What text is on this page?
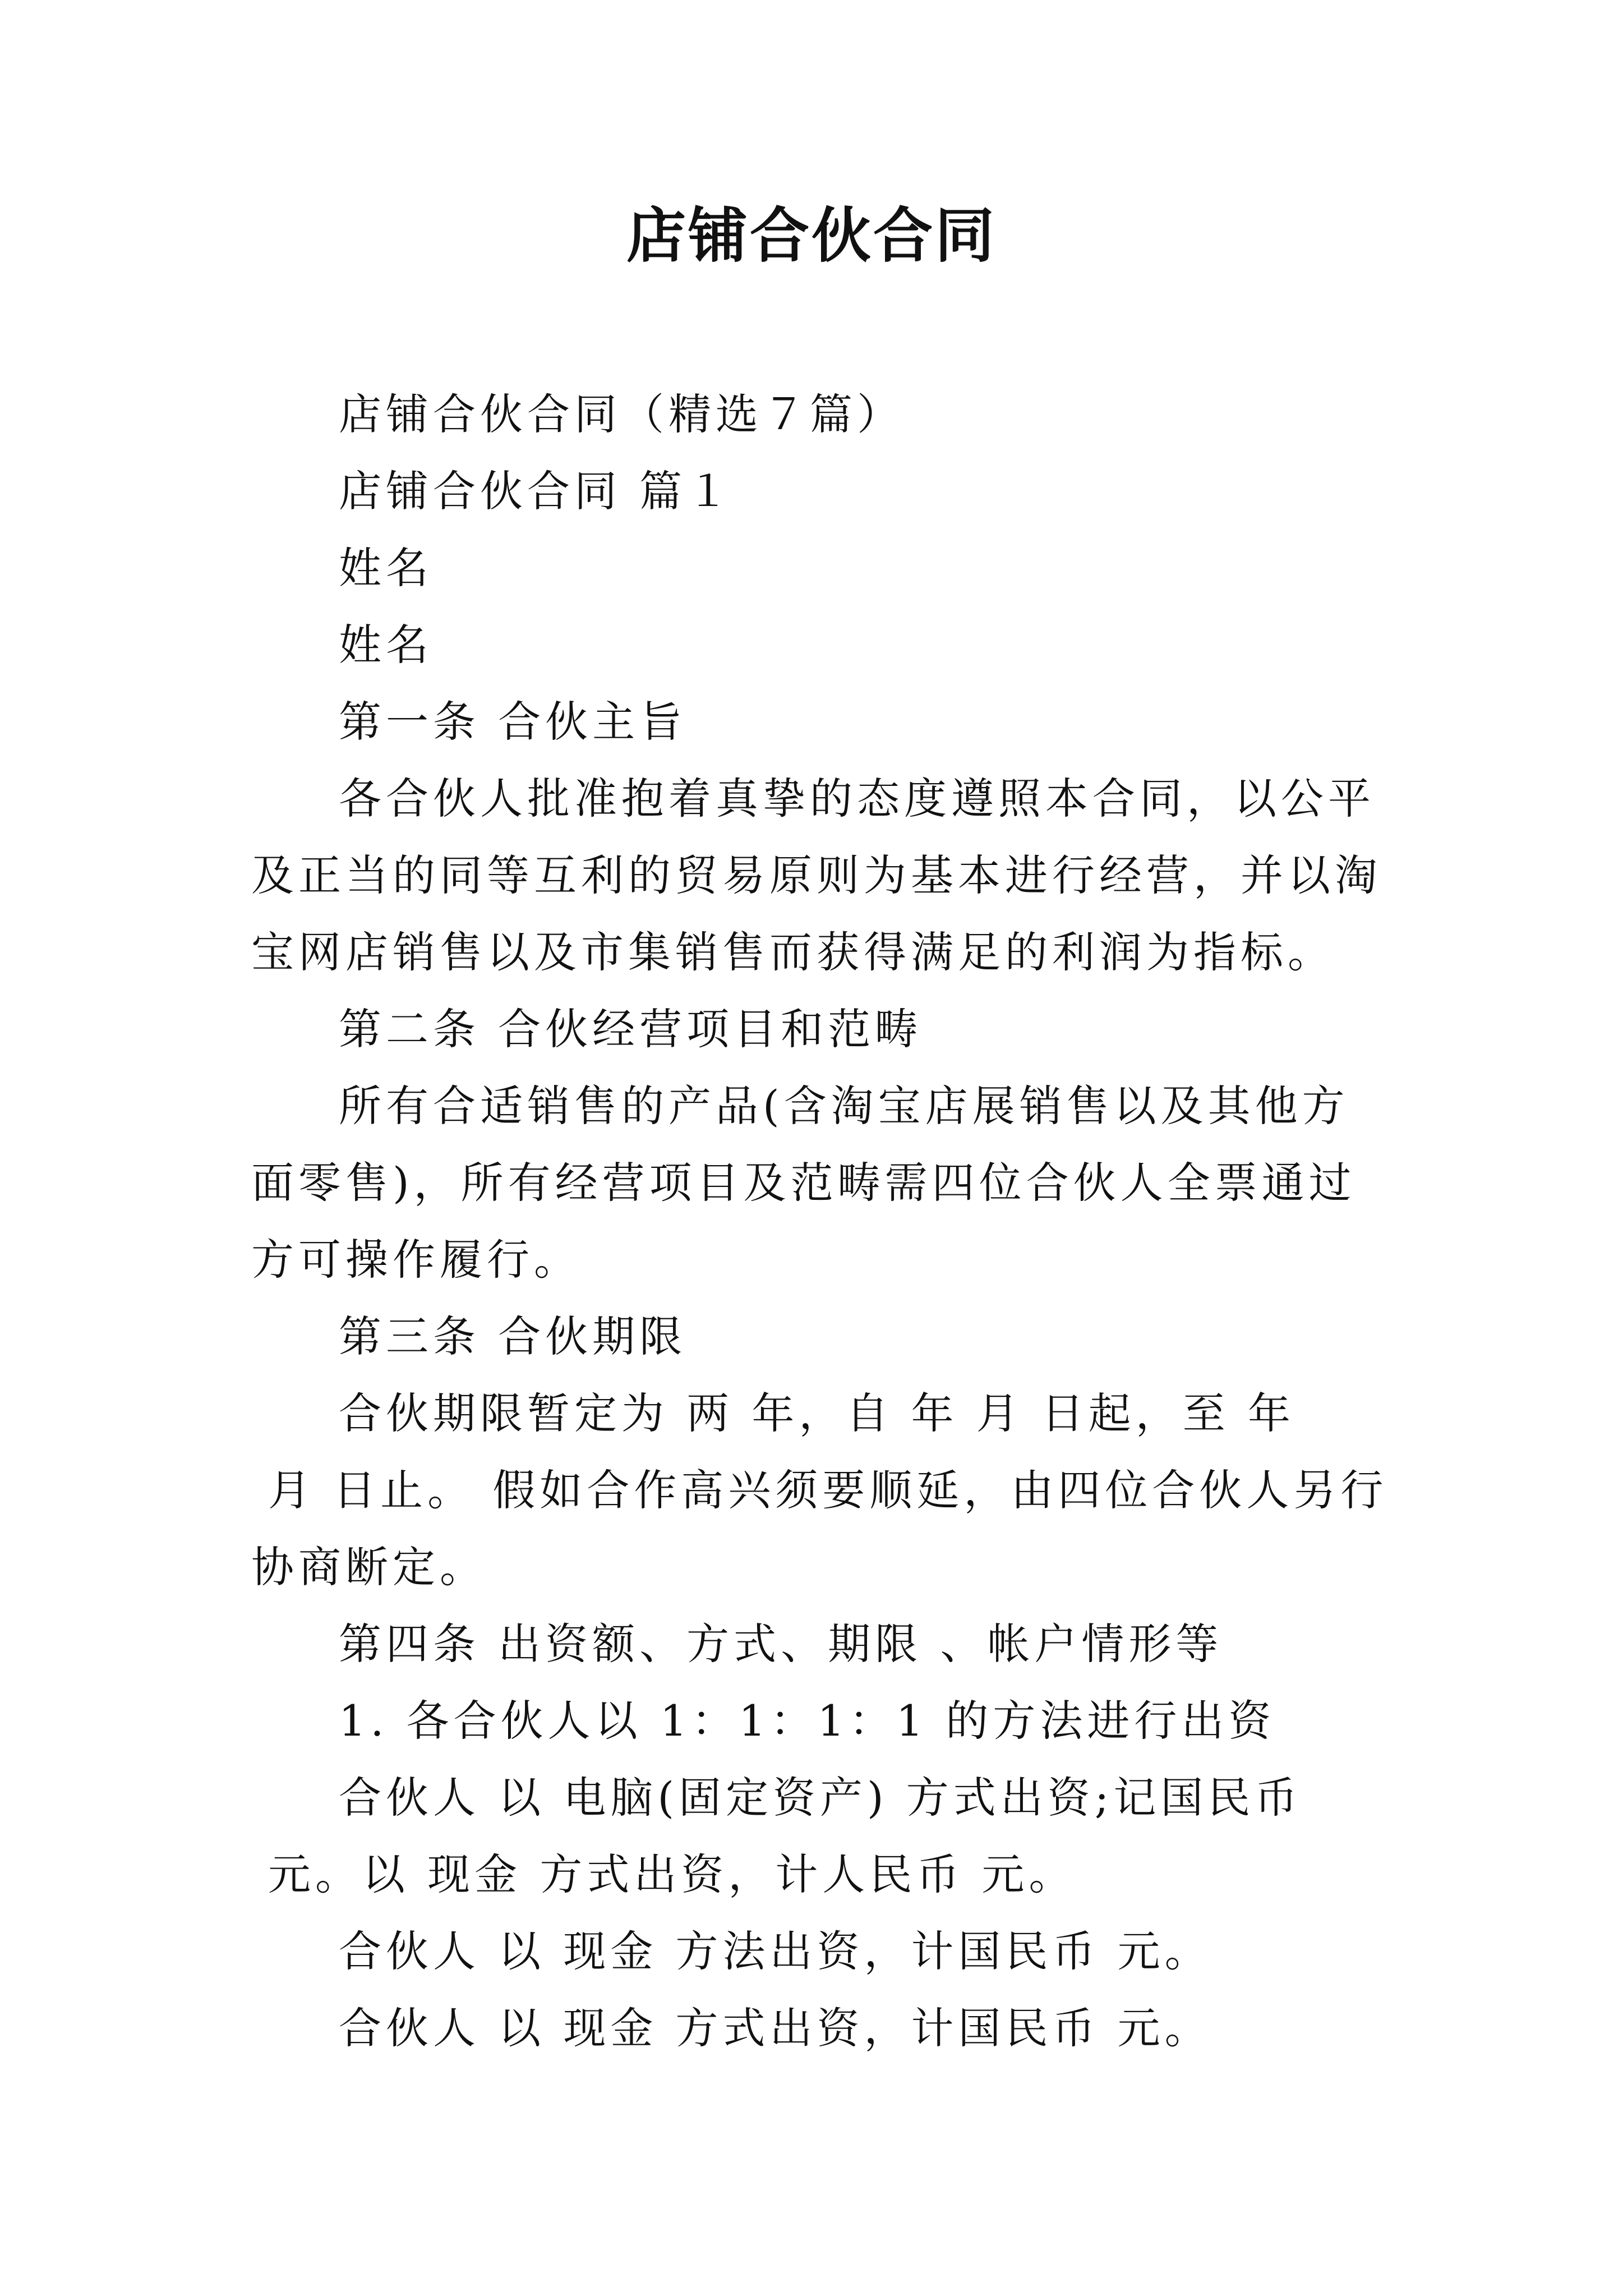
店铺合伙合同

店铺合伙合同（精选７篇）

店铺合伙合同 篇１

姓名

姓名

第一条 合伙主旨

各合伙人批准抱着真挚的态度遵照本合同，以公平及正当的同等互利的贸易原则为基本进行经营，并以淘宝网店销售以及市集销售而获得满足的利润为指标。

第二条 合伙经营项目和范畴

所有合适销售的产品(含淘宝店展销售以及其他方面零售)，所有经营项目及范畴需四位合伙人全票通过方可操作履行。

第三条 合伙期限

合伙期限暂定为 两 年，自 年 月 日起，至 年

月 日止。 假如合作高兴须要顺延，由四位合伙人另行

协商断定。

第四条 出资额、方式、期限 、帐户情形等

1. 各合伙人以 1：1：1：1 的方法进行出资

合伙人 以 电脑(固定资产) 方式出资;记国民币

元。以 现金 方式出资，计人民币 元。

合伙人 以 现金 方法出资，计国民币 元。

合伙人 以 现金 方式出资，计国民币 元。
